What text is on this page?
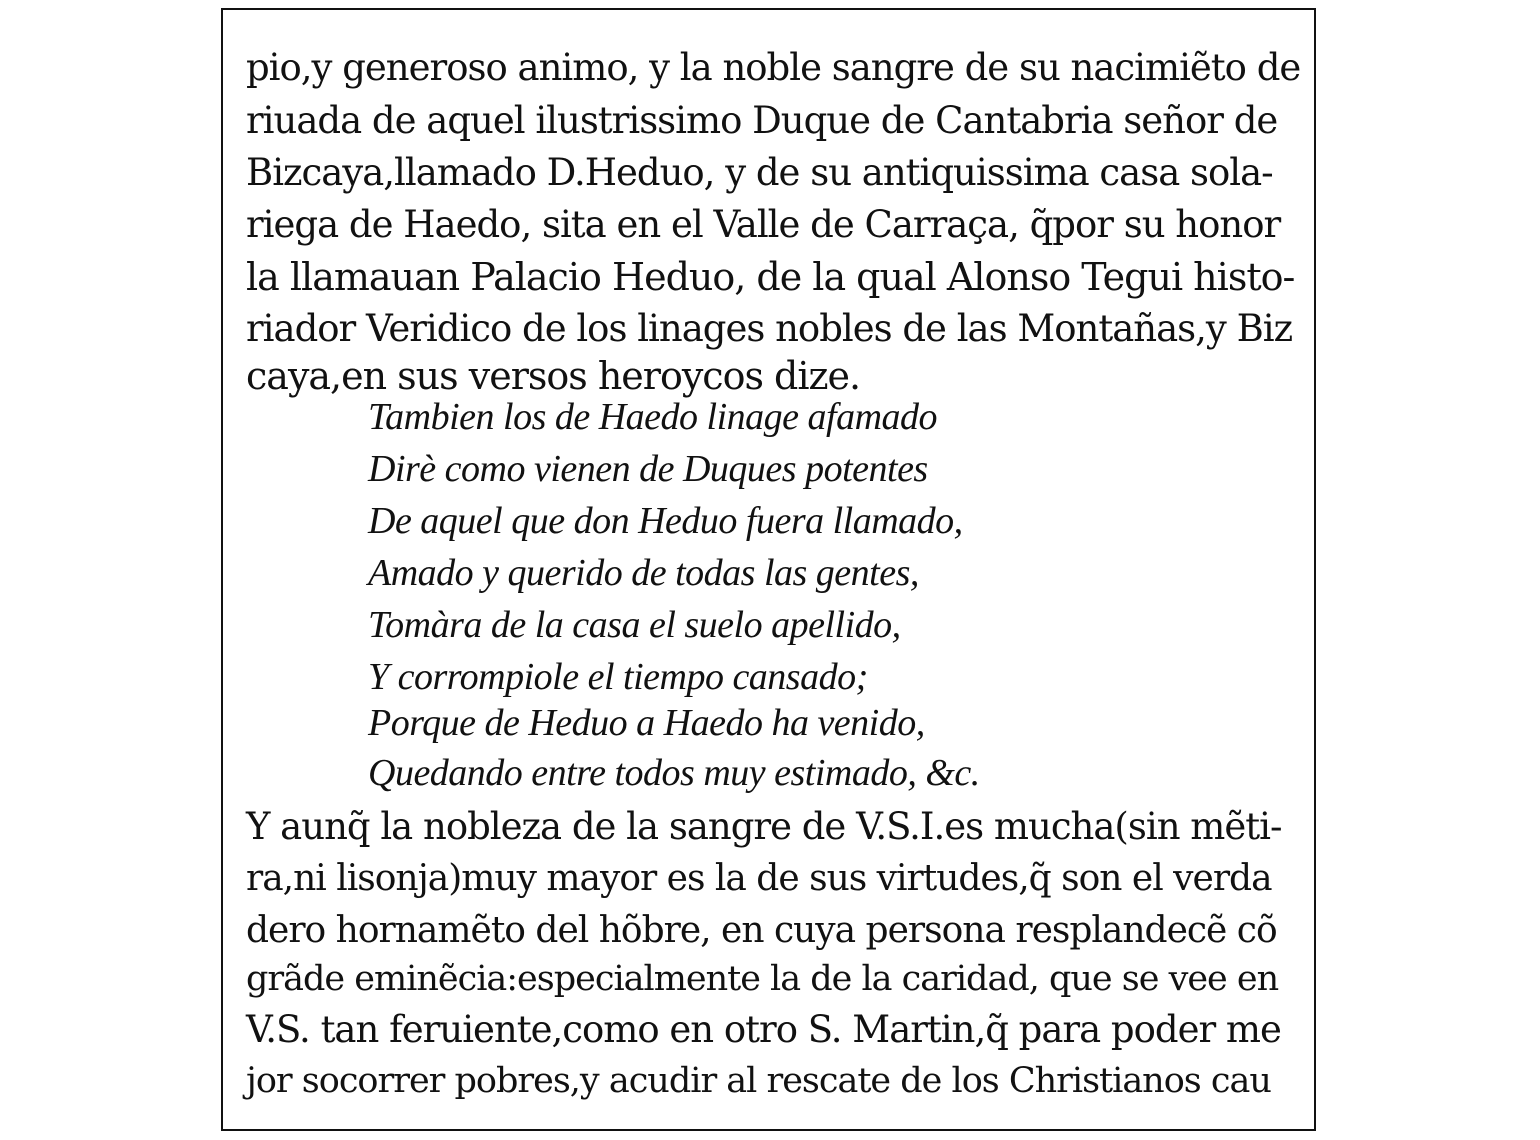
pio,y generoso animo, y la noble sangre de su nacimiẽto de
riuada de aquel ilustrissimo Duque de Cantabria señor de
Bizcaya,llamado D.Heduo, y de su antiquissima casa sola-
riega de Haedo, sita en el Valle de Carraça, q̃por su honor
la llamauan Palacio Heduo, de la qual Alonso Tegui histo-
riador Veridico de los linages nobles de las Montañas,y Biz
caya,en sus versos heroycos dize.
Tambien los de Haedo linage afamado
Dirè como vienen de Duques potentes
De aquel que don Heduo fuera llamado,
Amado y querido de todas las gentes,
Tomàra de la casa el suelo apellido,
Y corrompiole el tiempo cansado;
Porque de Heduo a Haedo ha venido,
Quedando entre todos muy estimado, &c.
Y aunq̃ la nobleza de la sangre de V.S.I.es mucha(sin mẽti-
ra,ni lisonja)muy mayor es la de sus virtudes,q̃ son el verda
dero hornamẽto del hõbre, en cuya persona resplandecẽ cõ
grãde eminẽcia:especialmente la de la caridad, que se vee en
V.S. tan feruiente,como en otro S. Martin,q̃ para poder me
jor socorrer pobres,y acudir al rescate de los Christianos cau
